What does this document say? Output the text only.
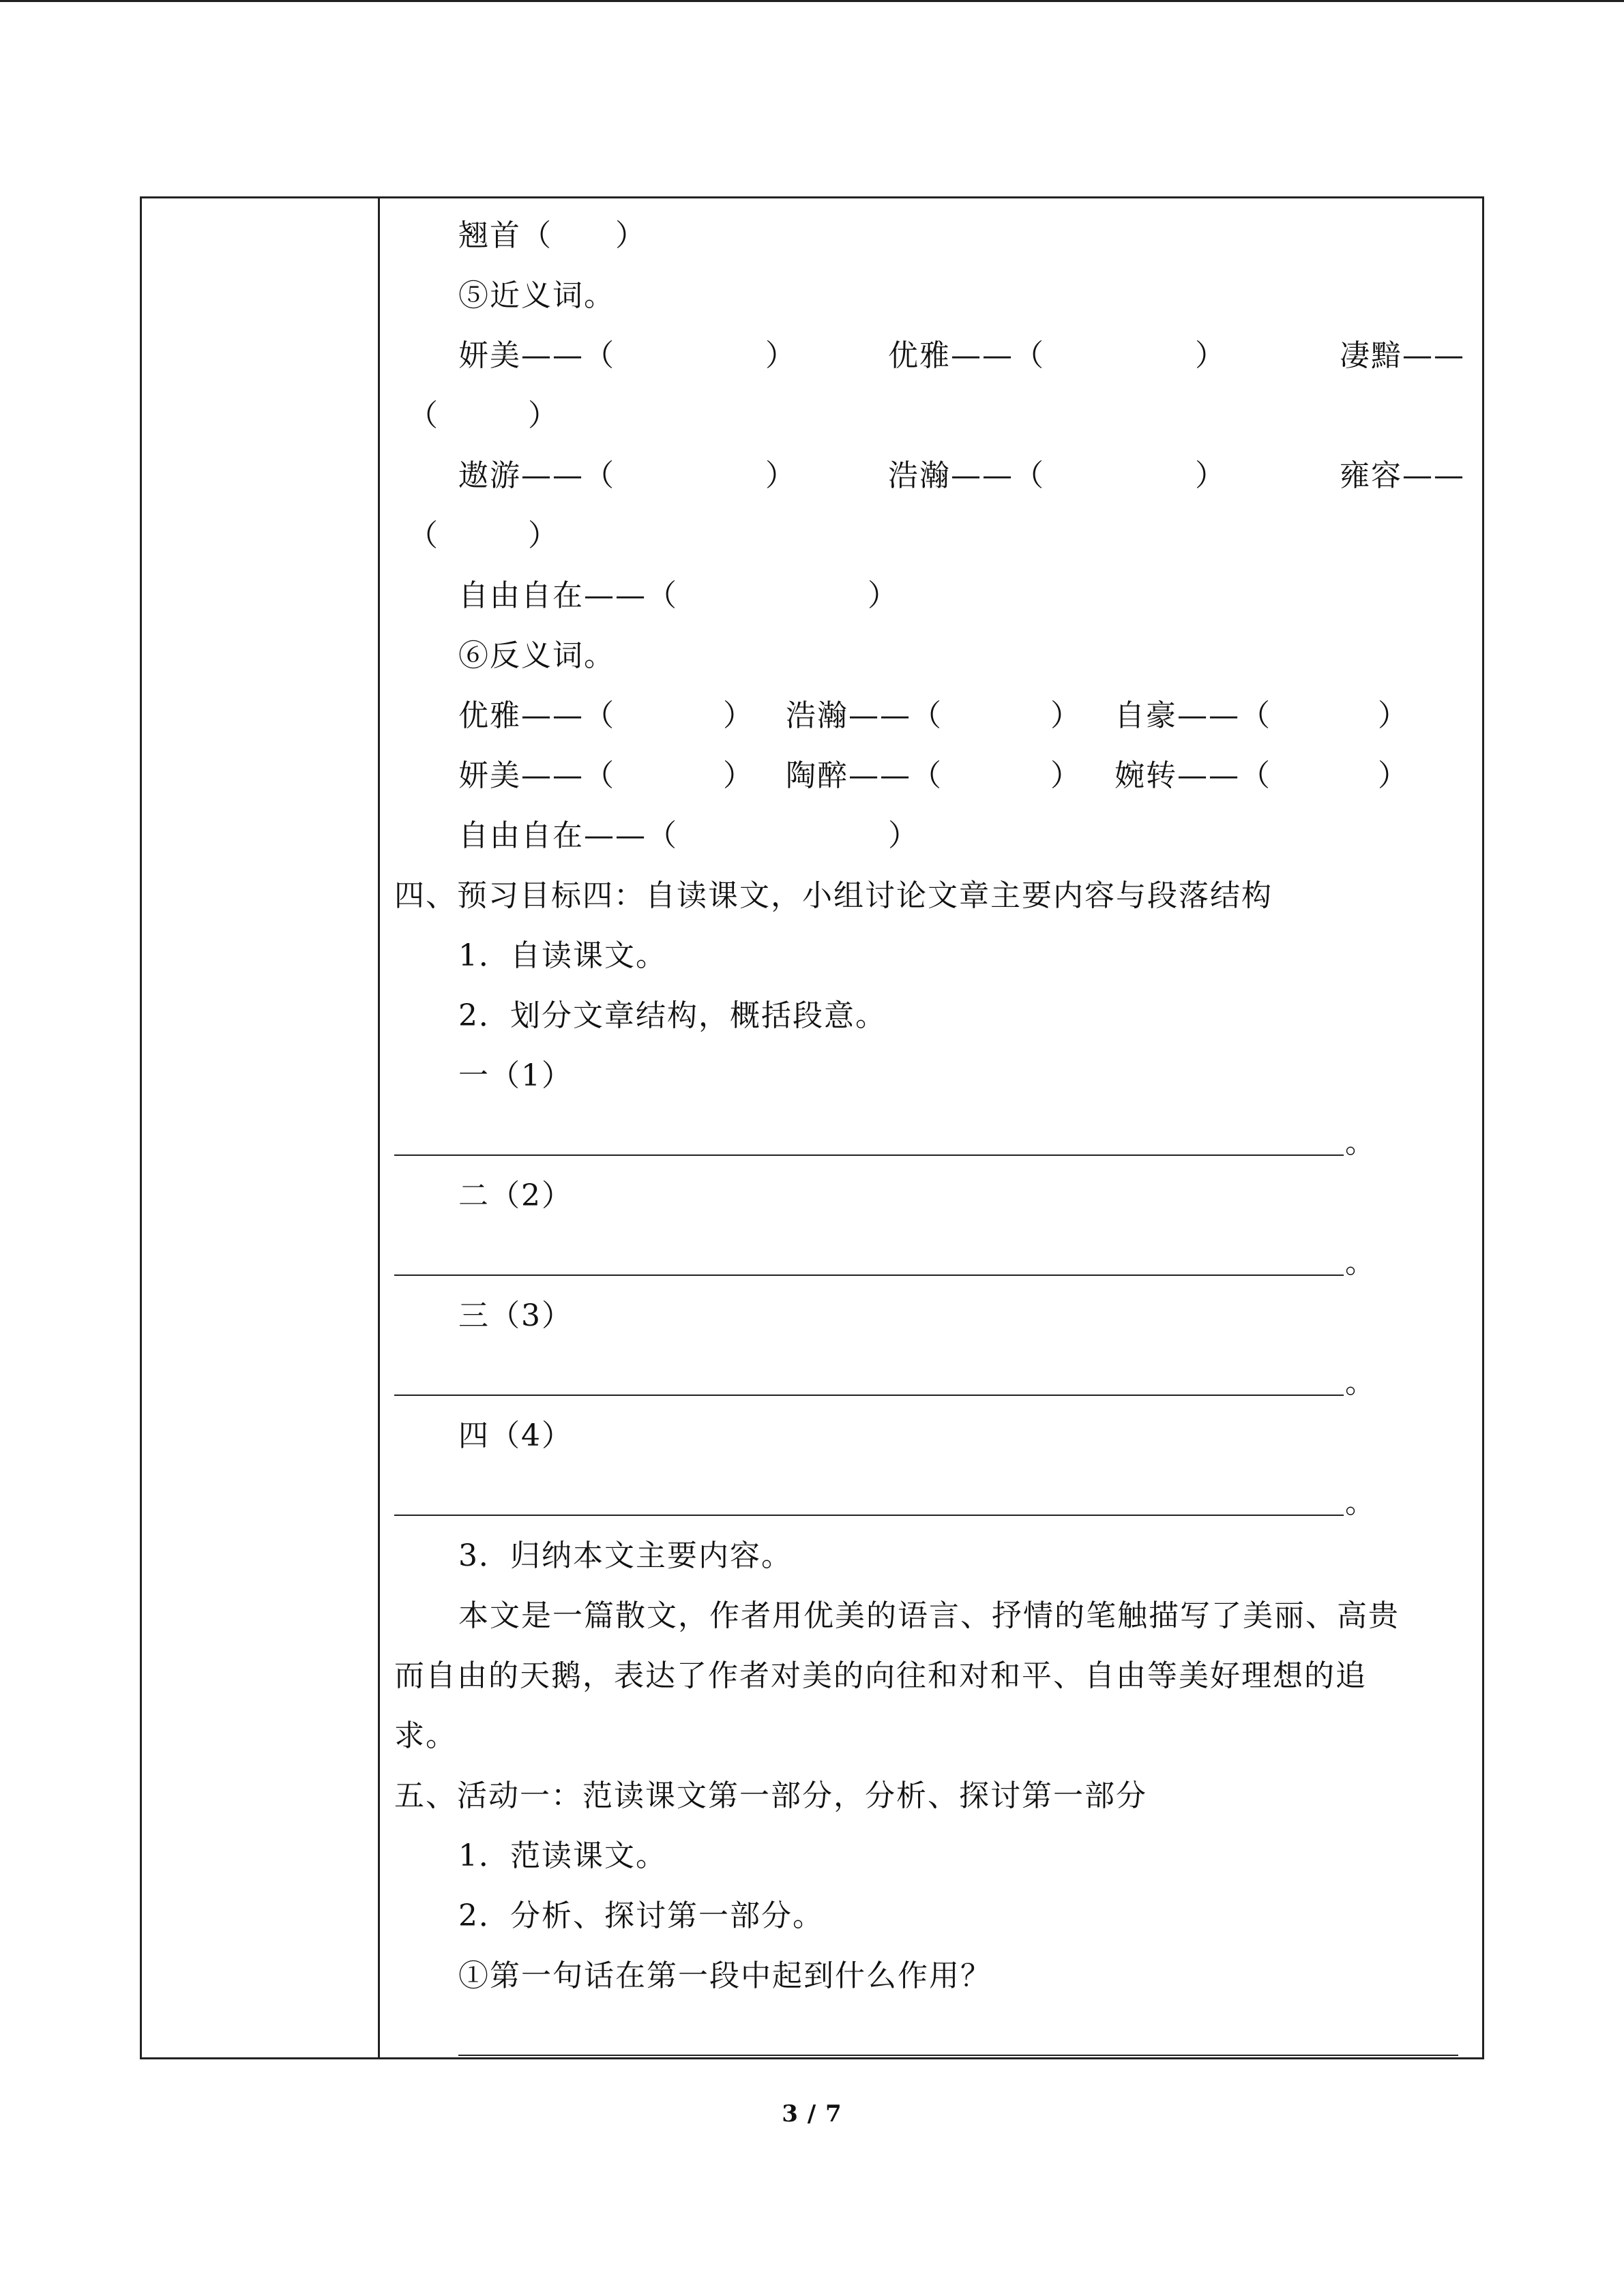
翘首（　　）
⑤近义词。
妍美——（	）	优雅——（	）	凄黯——
（	）
遨游——（	）	浩瀚——（	）	雍容——
（	）
自由自在——（	）
⑥反义词。
优雅——（	） 浩瀚——（	） 自豪——（	）
妍美——（	） 陶醉——（	） 婉转——（	）
自由自在——（	）
四、预习目标四：自读课文，小组讨论文章主要内容与段落结构
1．自读课文。
2．划分文章结构，概括段意。
一（1）
。
二（2）
。
三（3）
。
四（4）
。
3．归纳本文主要内容。
本文是一篇散文，作者用优美的语言、抒情的笔触描写了美丽、高贵
而自由的天鹅，表达了作者对美的向往和对和平、自由等美好理想的追
求。
五、活动一：范读课文第一部分，分析、探讨第一部分
1．范读课文。
2．分析、探讨第一部分。
①第一句话在第一段中起到什么作用？
3 / 7
